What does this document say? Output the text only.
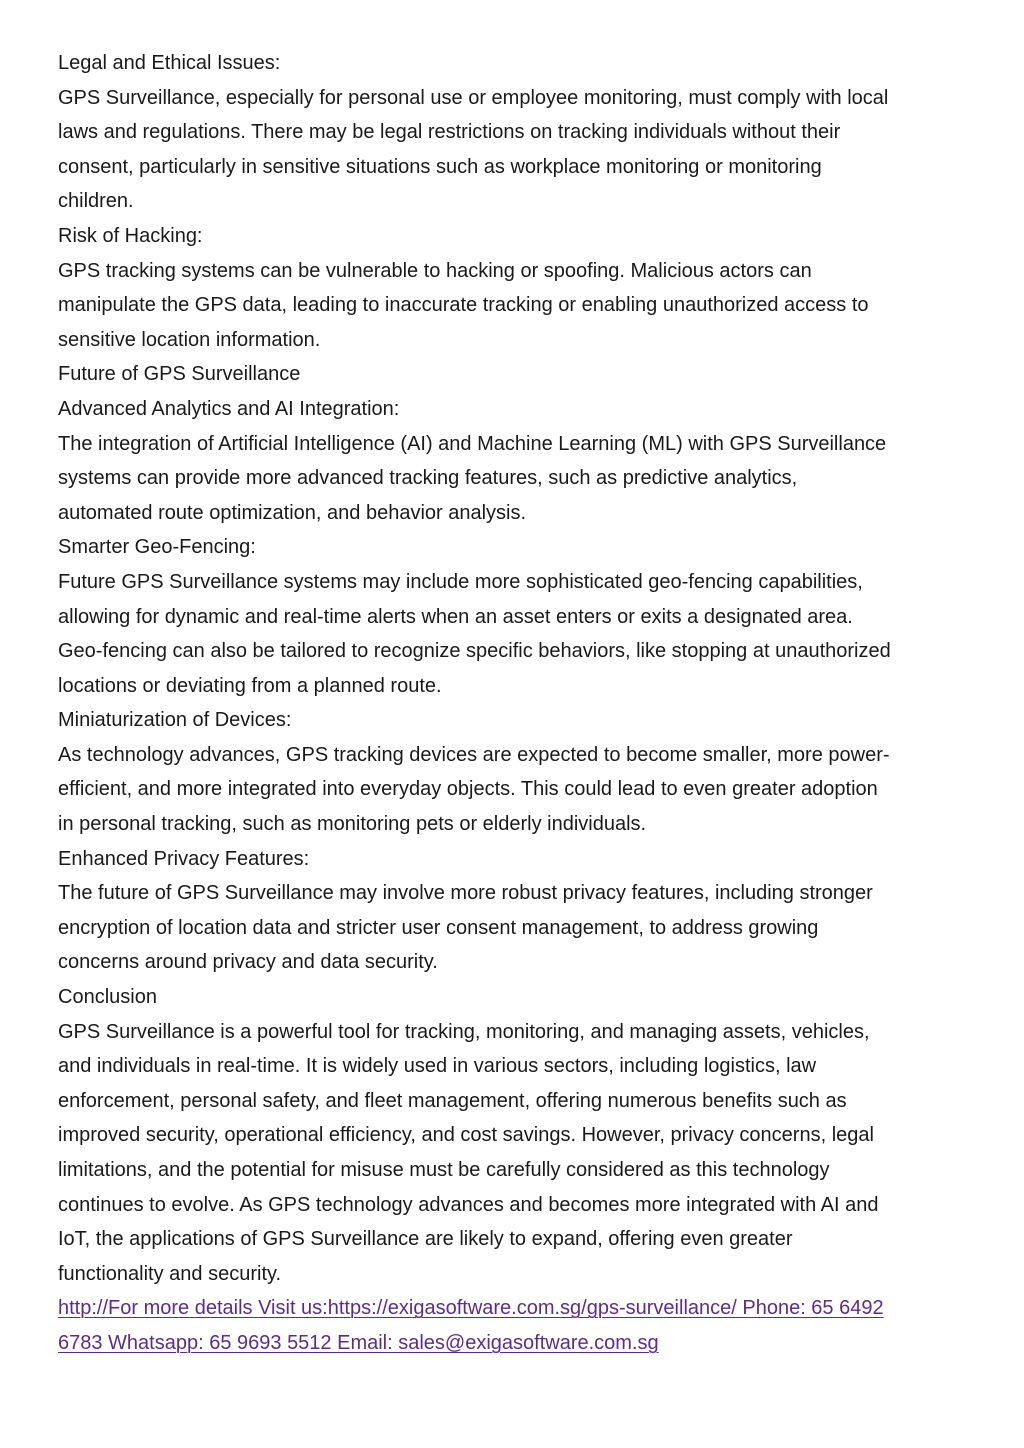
Legal and Ethical Issues:

GPS Surveillance, especially for personal use or employee monitoring, must comply with local
laws and regulations. There may be legal restrictions on tracking individuals without their
consent, particularly in sensitive situations such as workplace monitoring or monitoring
children.

Risk of Hacking:

GPS tracking systems can be vulnerable to hacking or spoofing. Malicious actors can
manipulate the GPS data, leading to inaccurate tracking or enabling unauthorized access to
sensitive location information.

Future of GPS Surveillance

Advanced Analytics and AI Integration:

The integration of Artificial Intelligence (AI) and Machine Learning (ML) with GPS Surveillance
systems can provide more advanced tracking features, such as predictive analytics,
automated route optimization, and behavior analysis.

Smarter Geo-Fencing:

Future GPS Surveillance systems may include more sophisticated geo-fencing capabilities,
allowing for dynamic and real-time alerts when an asset enters or exits a designated area.
Geo-fencing can also be tailored to recognize specific behaviors, like stopping at unauthorized
locations or deviating from a planned route.

Miniaturization of Devices:

As technology advances, GPS tracking devices are expected to become smaller, more power-
efficient, and more integrated into everyday objects. This could lead to even greater adoption
in personal tracking, such as monitoring pets or elderly individuals.

Enhanced Privacy Features:

The future of GPS Surveillance may involve more robust privacy features, including stronger
encryption of location data and stricter user consent management, to address growing
concerns around privacy and data security.

Conclusion

GPS Surveillance is a powerful tool for tracking, monitoring, and managing assets, vehicles,
and individuals in real-time. It is widely used in various sectors, including logistics, law
enforcement, personal safety, and fleet management, offering numerous benefits such as
improved security, operational efficiency, and cost savings. However, privacy concerns, legal
limitations, and the potential for misuse must be carefully considered as this technology
continues to evolve. As GPS technology advances and becomes more integrated with AI and
IoT, the applications of GPS Surveillance are likely to expand, offering even greater
functionality and security.
http://For more details Visit us:https://exigasoftware.com.sg/gps-surveillance/ Phone: 65 6492
6783 Whatsapp: 65 9693 5512 Email: sales@exigasoftware.com.sg
